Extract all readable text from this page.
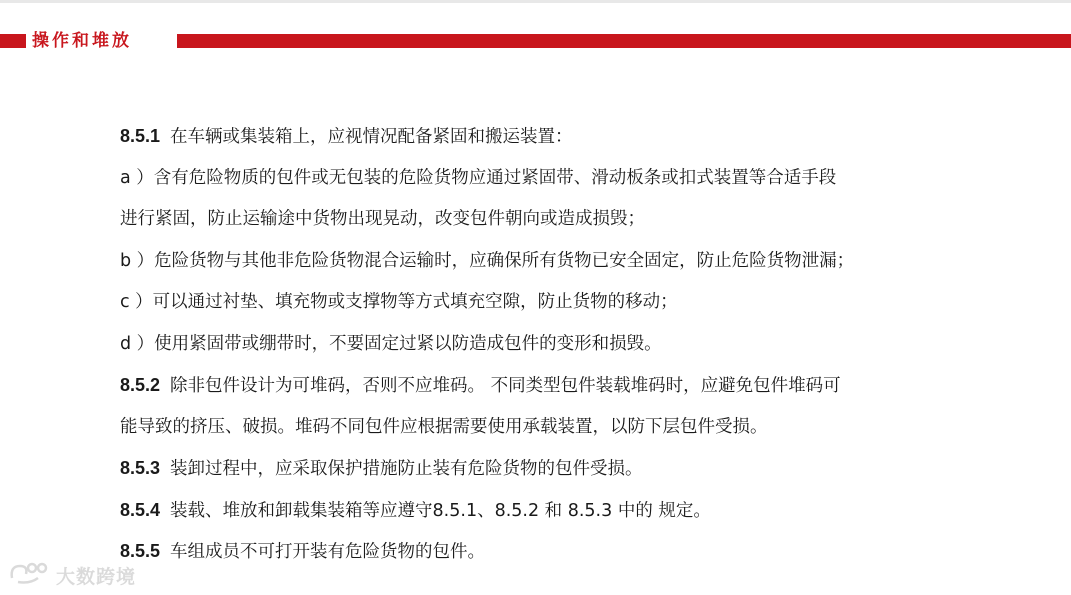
操作和堆放
8.5.1 在车辆或集装箱上，应视情况配备紧固和搬运装置：
a ）含有危险物质的包件或无包装的危险货物应通过紧固带、滑动板条或扣式装置等合适手段
进行紧固，防止运输途中货物出现晃动，改变包件朝向或造成损毁；
b ）危险货物与其他非危险货物混合运输时，应确保所有货物已安全固定，防止危险货物泄漏；
c ）可以通过衬垫、填充物或支撑物等方式填充空隙，防止货物的移动；
d ）使用紧固带或绷带时，不要固定过紧以防造成包件的变形和损毁。
8.5.2 除非包件设计为可堆码，否则不应堆码。 不同类型包件装载堆码时，应避免包件堆码可
能导致的挤压、破损。堆码不同包件应根据需要使用承载装置，以防下层包件受损。
8.5.3 装卸过程中，应采取保护措施防止装有危险货物的包件受损。
8.5.4 装载、堆放和卸载集装箱等应遵守8.5.1、8.5.2 和 8.5.3 中的 规定。
8.5.5 车组成员不可打开装有危险货物的包件。
大数跨境
